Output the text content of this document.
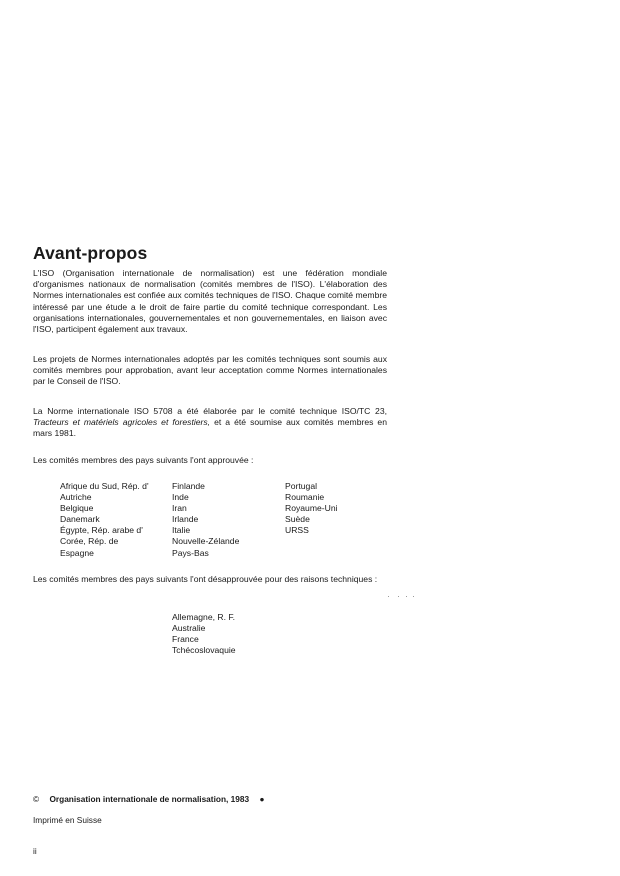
Avant-propos

L'ISO (Organisation internationale de normalisation) est une fédération mondiale d'organismes nationaux de normalisation (comités membres de l'ISO). L'élaboration des Normes internationales est confiée aux comités techniques de l'ISO. Chaque comité membre intéressé par une étude a le droit de faire partie du comité technique correspondant. Les organisations internationales, gouvernementales et non gouvernementales, en liaison avec l'ISO, participent également aux travaux.

Les projets de Normes internationales adoptés par les comités techniques sont soumis aux comités membres pour approbation, avant leur acceptation comme Normes internationales par le Conseil de l'ISO.

La Norme internationale ISO 5708 a été élaborée par le comité technique ISO/TC 23, Tracteurs et matériels agricoles et forestiers, et a été soumise aux comités membres en mars 1981.

Les comités membres des pays suivants l'ont approuvée :

Afrique du Sud, Rép. d'
Autriche
Belgique
Danemark
Égypte, Rép. arabe d'
Corée, Rép. de
Espagne
Finlande
Inde
Iran
Irlande
Italie
Nouvelle-Zélande
Pays-Bas
Portugal
Roumanie
Royaume-Uni
Suède
URSS

Les comités membres des pays suivants l'ont désapprouvée pour des raisons techniques :

Allemagne, R. F.
Australie
France
Tchécoslovaquie

© Organisation internationale de normalisation, 1983 ●

Imprimé en Suisse

ii
